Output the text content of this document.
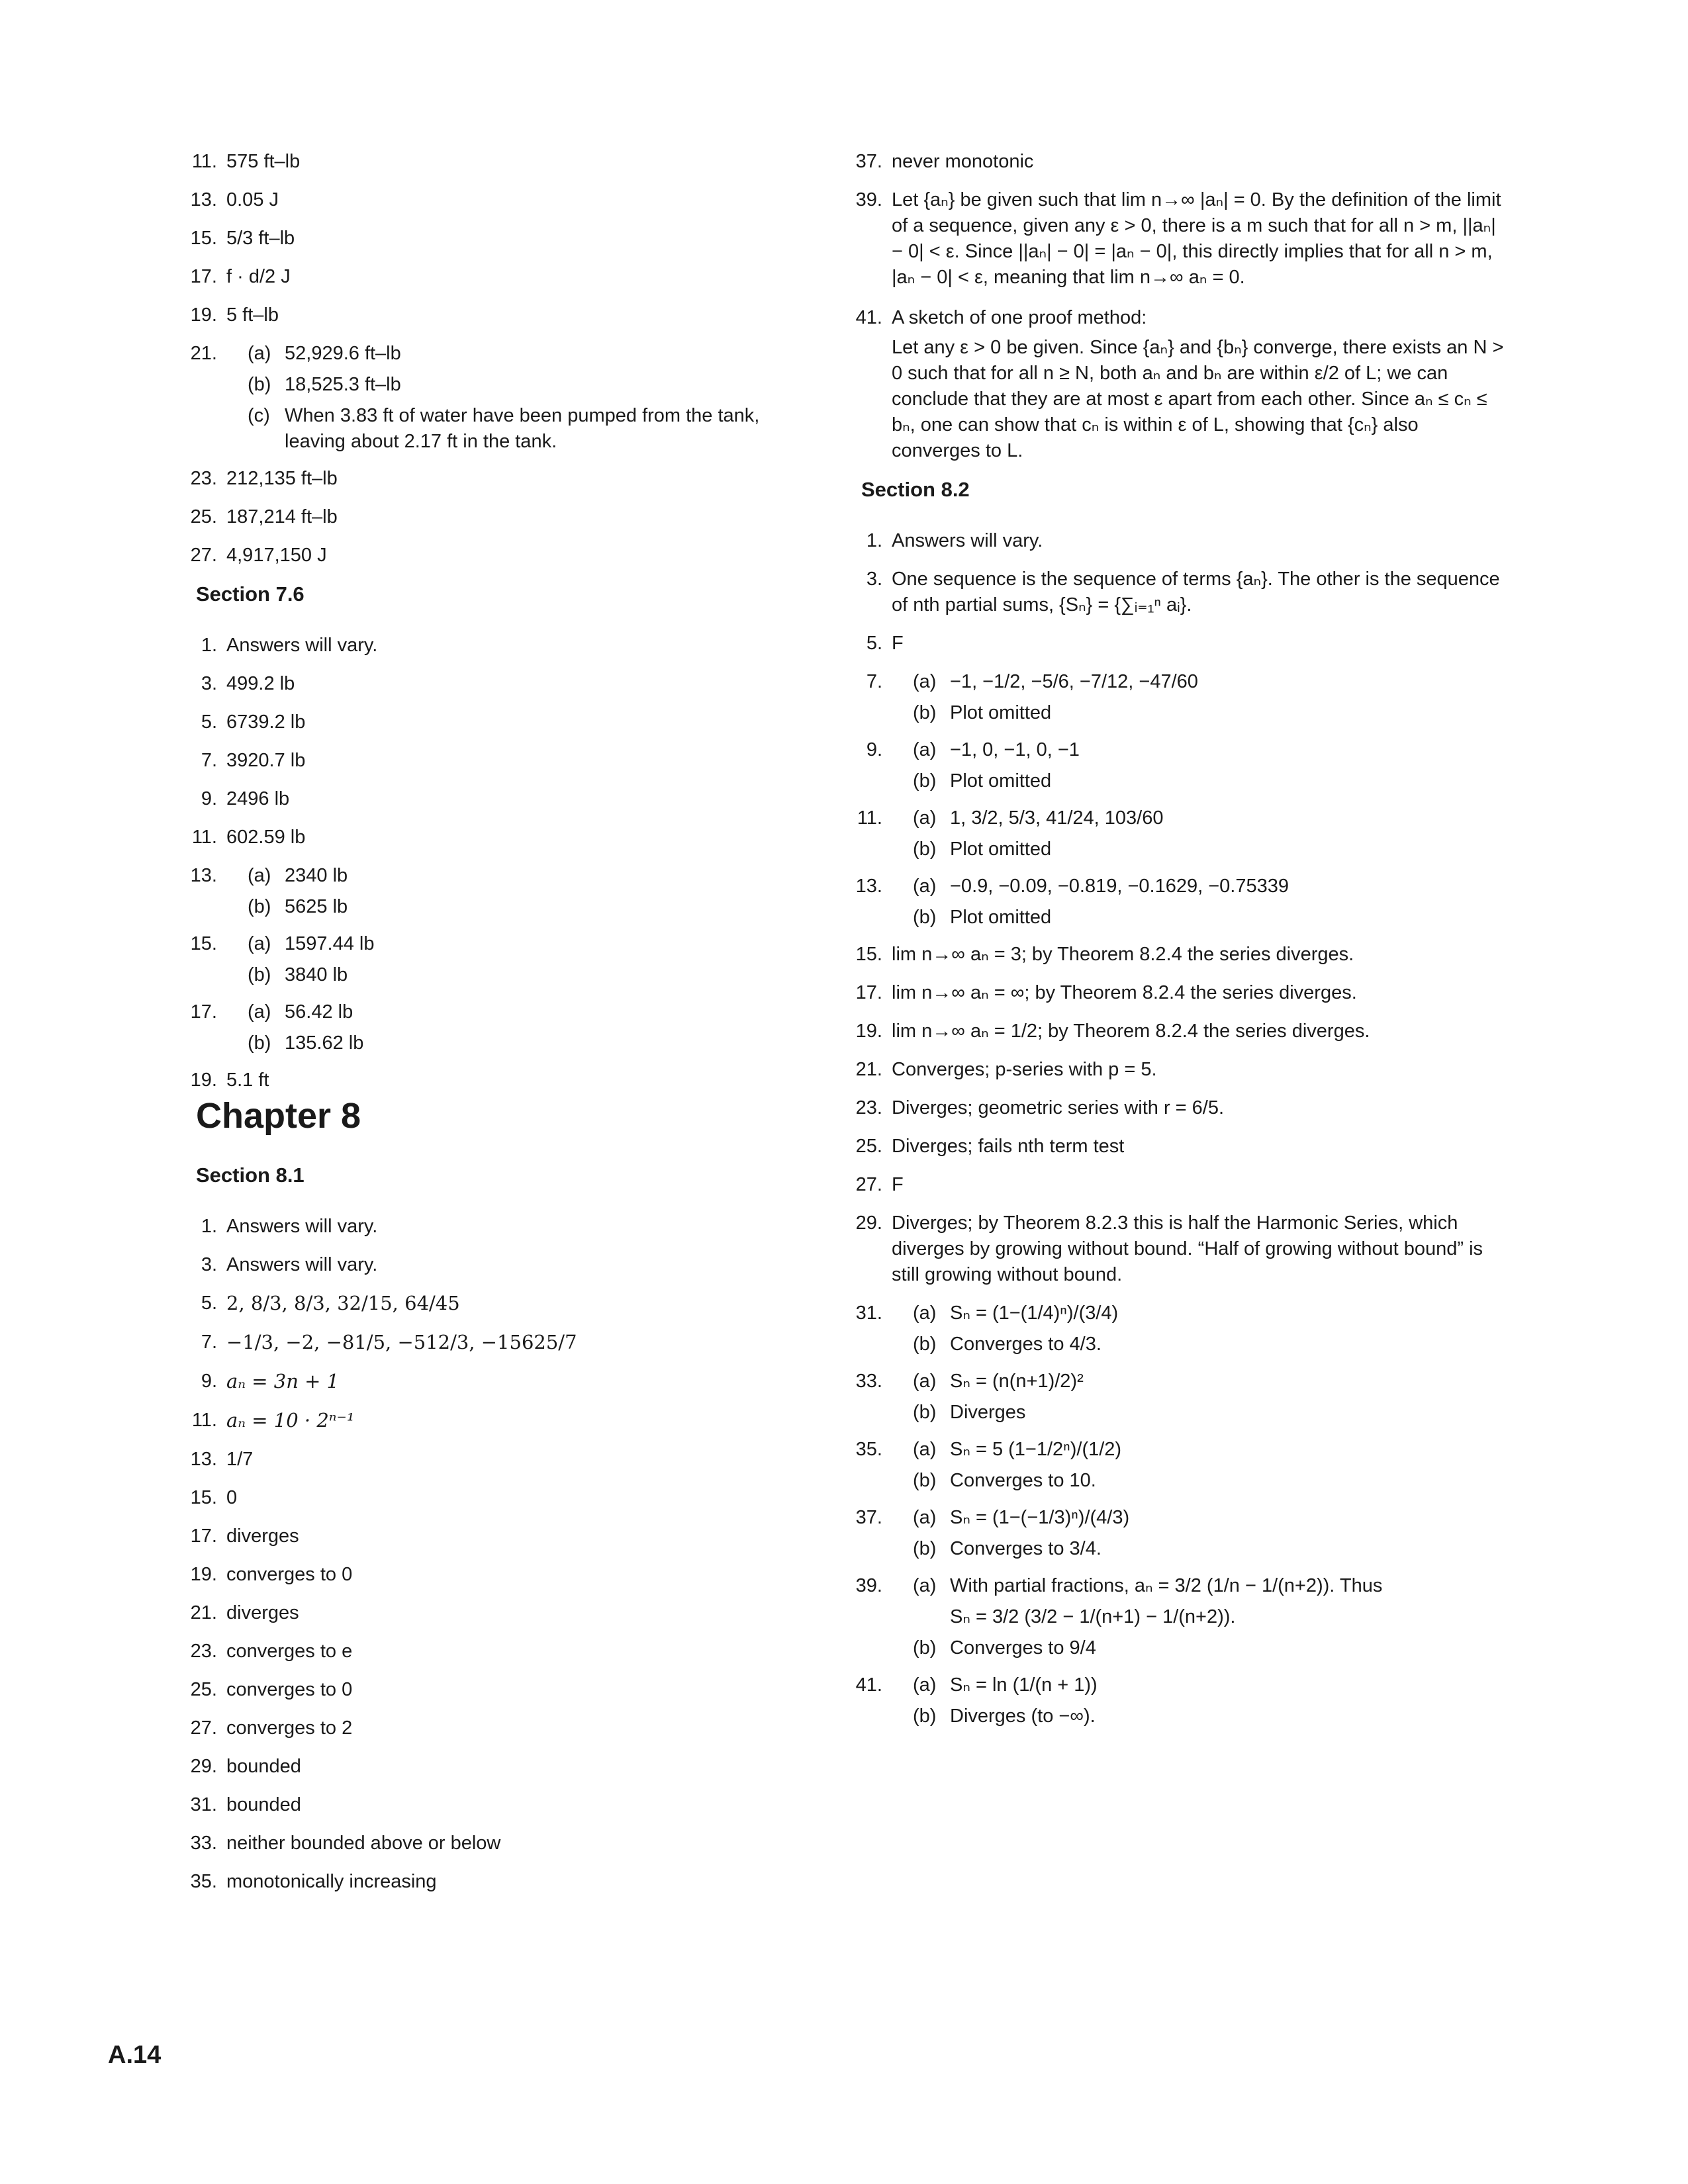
11. 575 ft–lb
13. 0.05 J
15. 5/3 ft–lb
17. f · d/2 J
19. 5 ft–lb
21. (a) 52,929.6 ft–lb
(b) 18,525.3 ft–lb
(c) When 3.83 ft of water have been pumped from the tank, leaving about 2.17 ft in the tank.
23. 212,135 ft–lb
25. 187,214 ft–lb
27. 4,917,150 J
Section 7.6
1. Answers will vary.
3. 499.2 lb
5. 6739.2 lb
7. 3920.7 lb
9. 2496 lb
11. 602.59 lb
13. (a) 2340 lb
(b) 5625 lb
15. (a) 1597.44 lb
(b) 3840 lb
17. (a) 56.42 lb
(b) 135.62 lb
19. 5.1 ft
Chapter 8
Section 8.1
1. Answers will vary.
3. Answers will vary.
5. 2, 8/3, 8/3, 32/15, 64/45
7. −1/3, −2, −81/5, −512/3, −15625/7
9. aₙ = 3n + 1
11. aₙ = 10 · 2ⁿ⁻¹
13. 1/7
15. 0
17. diverges
19. converges to 0
21. diverges
23. converges to e
25. converges to 0
27. converges to 2
29. bounded
31. bounded
33. neither bounded above or below
35. monotonically increasing
37. never monotonic
39. Let {aₙ} be given such that lim n→∞ |aₙ| = 0. By the definition of the limit of a sequence, given any ε > 0, there is a m such that for all n > m, ||aₙ| − 0| < ε. Since ||aₙ| − 0| = |aₙ − 0|, this directly implies that for all n > m, |aₙ − 0| < ε, meaning that lim n→∞ aₙ = 0.
41. A sketch of one proof method:
Let any ε > 0 be given. Since {aₙ} and {bₙ} converge, there exists an N > 0 such that for all n ≥ N, both aₙ and bₙ are within ε/2 of L; we can conclude that they are at most ε apart from each other. Since aₙ ≤ cₙ ≤ bₙ, one can show that cₙ is within ε of L, showing that {cₙ} also converges to L.
Section 8.2
1. Answers will vary.
3. One sequence is the sequence of terms {aₙ}. The other is the sequence of nth partial sums, {Sₙ} = {∑ᵢ₌₁ⁿ aᵢ}.
5. F
7. (a) −1, −1/2, −5/6, −7/12, −47/60
(b) Plot omitted
9. (a) −1, 0, −1, 0, −1
(b) Plot omitted
11. (a) 1, 3/2, 5/3, 41/24, 103/60
(b) Plot omitted
13. (a) −0.9, −0.09, −0.819, −0.1629, −0.75339
(b) Plot omitted
15. lim n→∞ aₙ = 3; by Theorem 8.2.4 the series diverges.
17. lim n→∞ aₙ = ∞; by Theorem 8.2.4 the series diverges.
19. lim n→∞ aₙ = 1/2; by Theorem 8.2.4 the series diverges.
21. Converges; p-series with p = 5.
23. Diverges; geometric series with r = 6/5.
25. Diverges; fails nth term test
27. F
29. Diverges; by Theorem 8.2.3 this is half the Harmonic Series, which diverges by growing without bound. “Half of growing without bound” is still growing without bound.
31. (a) Sₙ = (1−(1/4)ⁿ)/(3/4)
(b) Converges to 4/3.
33. (a) Sₙ = (n(n+1)/2)²
(b) Diverges
35. (a) Sₙ = 5 (1−1/2ⁿ)/(1/2)
(b) Converges to 10.
37. (a) Sₙ = (1−(−1/3)ⁿ)/(4/3)
(b) Converges to 3/4.
39. (a) With partial fractions, aₙ = 3/2 (1/n − 1/(n+2)). Thus
Sₙ = 3/2 (3/2 − 1/(n+1) − 1/(n+2)).
(b) Converges to 9/4
41. (a) Sₙ = ln (1/(n + 1))
(b) Diverges (to −∞).
A.14
